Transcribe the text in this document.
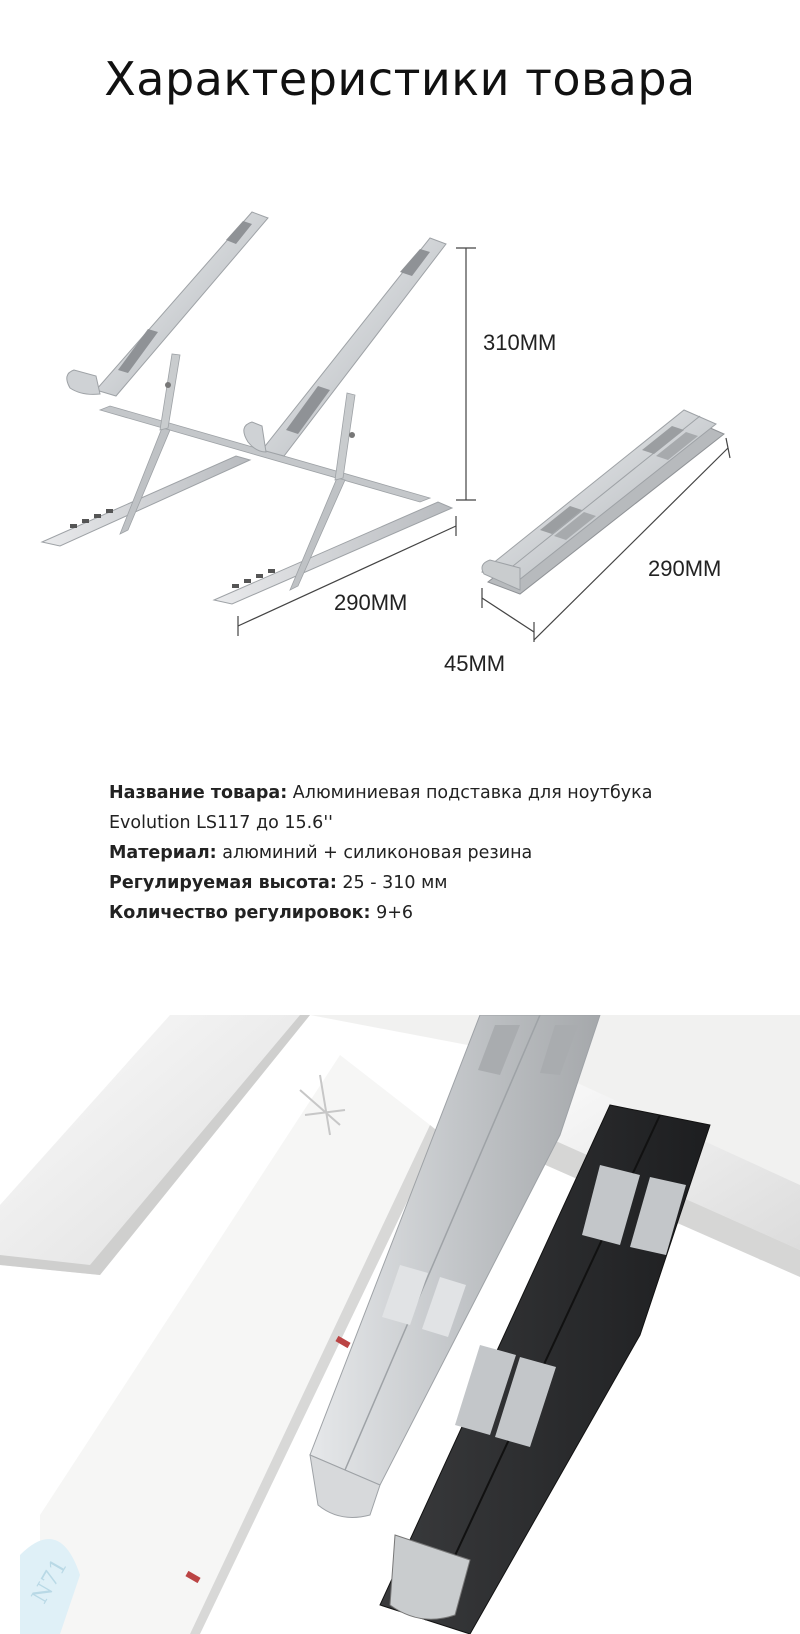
Характеристики товара
310MM
290MM
290MM
45MM

Название товара: Алюминиевая подставка для ноутбука

Evolution LS117 до 15.6''

Материал: алюминий + силиконовая резина

Регулируемая высота: 25 - 310 мм

Количество регулировок: 9+6

N71
